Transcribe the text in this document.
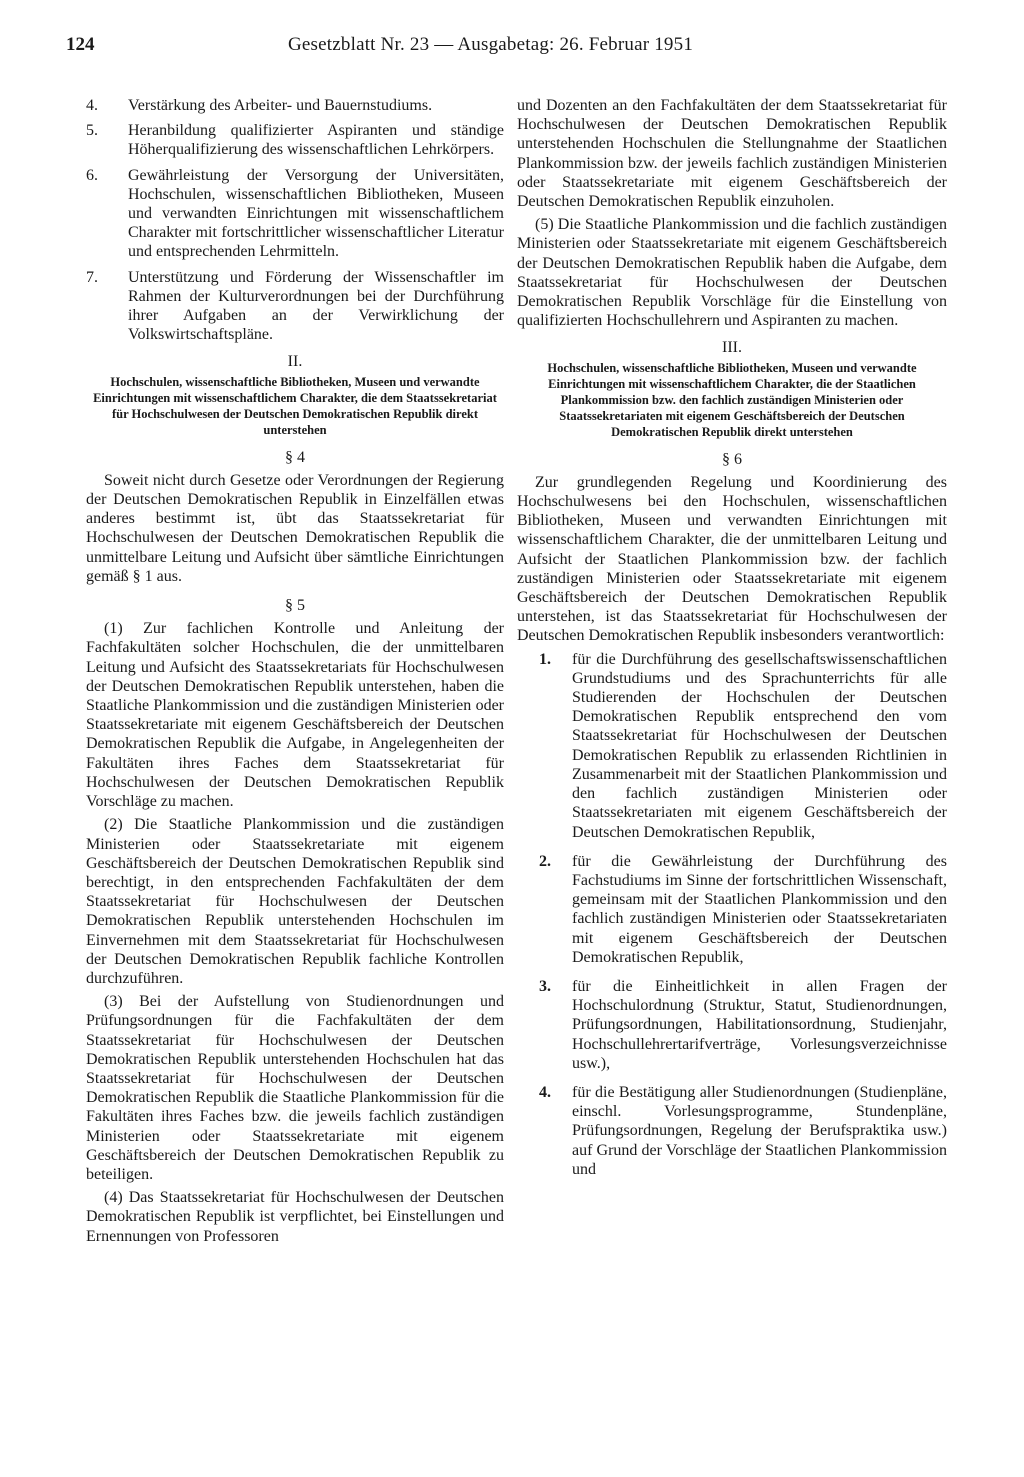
124	Gesetzblatt Nr. 23 — Ausgabetag: 26. Februar 1951
4. Verstärkung des Arbeiter- und Bauernstudiums.
5. Heranbildung qualifizierter Aspiranten und ständige Höherqualifizierung des wissenschaftlichen Lehrkörpers.
6. Gewährleistung der Versorgung der Universitäten, Hochschulen, wissenschaftlichen Bibliotheken, Museen und verwandten Einrichtungen mit wissenschaftlichem Charakter mit fortschrittlicher wissenschaftlicher Literatur und entsprechenden Lehrmitteln.
7. Unterstützung und Förderung der Wissenschaftler im Rahmen der Kulturverordnungen bei der Durchführung ihrer Aufgaben an der Verwirklichung der Volkswirtschaftspläne.
II.
Hochschulen, wissenschaftliche Bibliotheken, Museen und verwandte Einrichtungen mit wissenschaftlichem Charakter, die dem Staatssekretariat für Hochschulwesen der Deutschen Demokratischen Republik direkt unterstehen
§ 4

Soweit nicht durch Gesetze oder Verordnungen der Regierung der Deutschen Demokratischen Republik in Einzelfällen etwas anderes bestimmt ist, übt das Staatssekretariat für Hochschulwesen der Deutschen Demokratischen Republik die unmittelbare Leitung und Aufsicht über sämtliche Einrichtungen gemäß § 1 aus.

§ 5

(1) Zur fachlichen Kontrolle und Anleitung der Fachfakultäten solcher Hochschulen, die der unmittelbaren Leitung und Aufsicht des Staatssekretariats für Hochschulwesen der Deutschen Demokratischen Republik unterstehen, haben die Staatliche Plankommission und die zuständigen Ministerien oder Staatssekretariate mit eigenem Geschäftsbereich der Deutschen Demokratischen Republik die Aufgabe, in Angelegenheiten der Fakultäten ihres Faches dem Staatssekretariat für Hochschulwesen der Deutschen Demokratischen Republik Vorschläge zu machen.

(2) Die Staatliche Plankommission und die zuständigen Ministerien oder Staatssekretariate mit eigenem Geschäftsbereich der Deutschen Demokratischen Republik sind berechtigt, in den entsprechenden Fachfakultäten der dem Staatssekretariat für Hochschulwesen der Deutschen Demokratischen Republik unterstehenden Hochschulen im Einvernehmen mit dem Staatssekretariat für Hochschulwesen der Deutschen Demokratischen Republik fachliche Kontrollen durchzuführen.

(3) Bei der Aufstellung von Studienordnungen und Prüfungsordnungen für die Fachfakultäten der dem Staatssekretariat für Hochschulwesen der Deutschen Demokratischen Republik unterstehenden Hochschulen hat das Staatssekretariat für Hochschulwesen der Deutschen Demokratischen Republik die Staatliche Plankommission für die Fakultäten ihres Faches bzw. die jeweils fachlich zuständigen Ministerien oder Staatssekretariate mit eigenem Geschäftsbereich der Deutschen Demokratischen Republik zu beteiligen.

(4) Das Staatssekretariat für Hochschulwesen der Deutschen Demokratischen Republik ist verpflichtet, bei Einstellungen und Ernennungen von Professoren

und Dozenten an den Fachfakultäten der dem Staatssekretariat für Hochschulwesen der Deutschen Demokratischen Republik unterstehenden Hochschulen die Stellungnahme der Staatlichen Plankommission bzw. der jeweils fachlich zuständigen Ministerien oder Staatssekretariate mit eigenem Geschäftsbereich der Deutschen Demokratischen Republik einzuholen.

(5) Die Staatliche Plankommission und die fachlich zuständigen Ministerien oder Staatssekretariate mit eigenem Geschäftsbereich der Deutschen Demokratischen Republik haben die Aufgabe, dem Staatssekretariat für Hochschulwesen der Deutschen Demokratischen Republik Vorschläge für die Einstellung von qualifizierten Hochschullehrern und Aspiranten zu machen.

III.
Hochschulen, wissenschaftliche Bibliotheken, Museen und verwandte Einrichtungen mit wissenschaftlichem Charakter, die der Staatlichen Plankommission bzw. den fachlich zuständigen Ministerien oder Staatssekretariaten mit eigenem Geschäftsbereich der Deutschen Demokratischen Republik direkt unterstehen
§ 6

Zur grundlegenden Regelung und Koordinierung des Hochschulwesens bei den Hochschulen, wissenschaftlichen Bibliotheken, Museen und verwandten Einrichtungen mit wissenschaftlichem Charakter, die der unmittelbaren Leitung und Aufsicht der Staatlichen Plankommission bzw. der fachlich zuständigen Ministerien oder Staatssekretariate mit eigenem Geschäftsbereich der Deutschen Demokratischen Republik unterstehen, ist das Staatssekretariat für Hochschulwesen der Deutschen Demokratischen Republik insbesonders verantwortlich:

1. für die Durchführung des gesellschaftswissenschaftlichen Grundstudiums und des Sprachunterrichts für alle Studierenden der Hochschulen der Deutschen Demokratischen Republik entsprechend den vom Staatssekretariat für Hochschulwesen der Deutschen Demokratischen Republik zu erlassenden Richtlinien in Zusammenarbeit mit der Staatlichen Plankommission und den fachlich zuständigen Ministerien oder Staatssekretariaten mit eigenem Geschäftsbereich der Deutschen Demokratischen Republik,
2. für die Gewährleistung der Durchführung des Fachstudiums im Sinne der fortschrittlichen Wissenschaft, gemeinsam mit der Staatlichen Plankommission und den fachlich zuständigen Ministerien oder Staatssekretariaten mit eigenem Geschäftsbereich der Deutschen Demokratischen Republik,
3. für die Einheitlichkeit in allen Fragen der Hochschulordnung (Struktur, Statut, Studienordnungen, Prüfungsordnungen, Habilitationsordnung, Studienjahr, Hochschullehrertarifverträge, Vorlesungsverzeichnisse usw.),
4. für die Bestätigung aller Studienordnungen (Studienpläne, einschl. Vorlesungsprogramme, Stundenpläne, Prüfungsordnungen, Regelung der Berufspraktika usw.) auf Grund der Vorschläge der Staatlichen Plankommission und
